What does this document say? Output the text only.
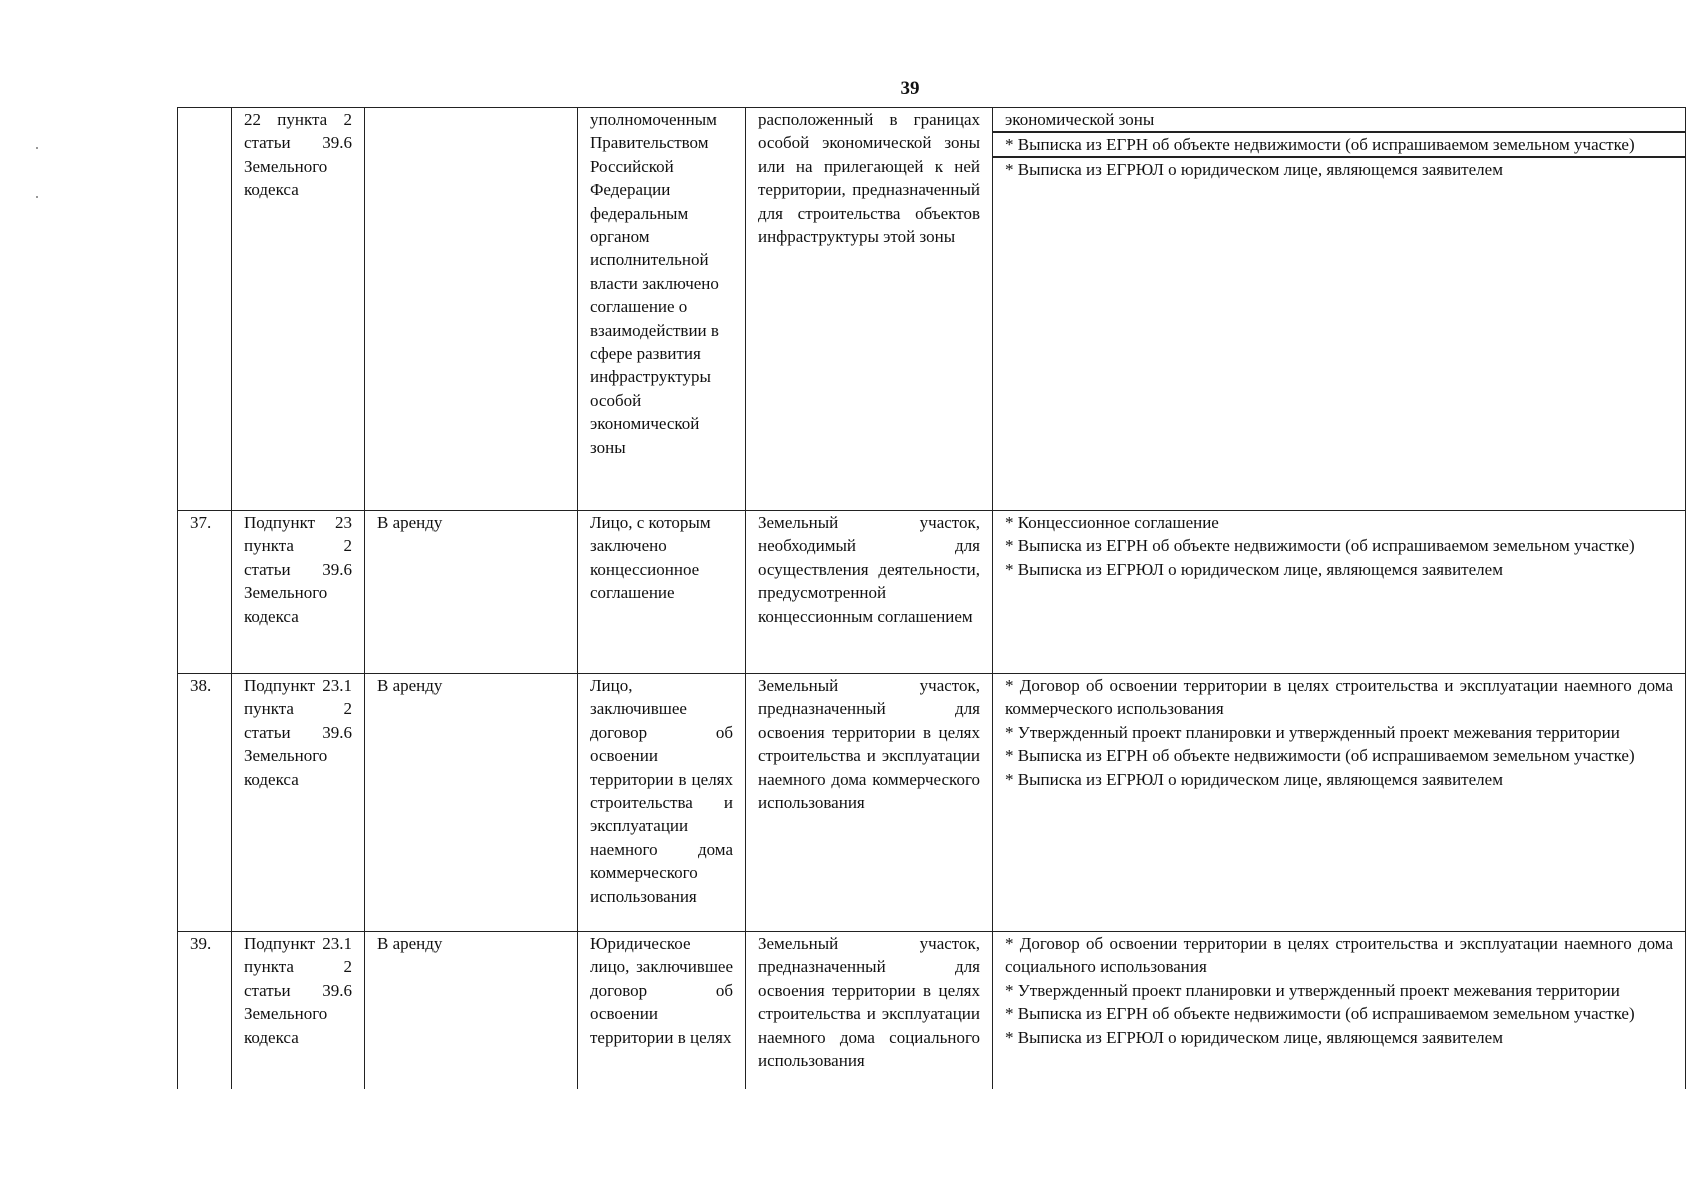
39
	22 пункта 2 статьи 39.6 Земельного кодекса		уполномоченным Правительством Российской Федерации федеральным органом исполнительной власти заключено соглашение о взаимодействии в сфере развития инфраструктуры особой экономической зоны	расположенный в границах особой экономической зоны или на прилегающей к ней территории, предназначенный для строительства объектов инфраструктуры этой зоны	экономической зоны
* Выписка из ЕГРН об объекте недвижимости (об испрашиваемом земельном участке)
* Выписка из ЕГРЮЛ о юридическом лице, являющемся заявителем

37.	Подпункт 23 пункта 2 статьи 39.6 Земельного кодекса	В аренду	Лицо, с которым заключено концессионное соглашение	Земельный участок, необходимый для осуществления деятельности, предусмотренной концессионным соглашением	* Концессионное соглашение
* Выписка из ЕГРН об объекте недвижимости (об испрашиваемом земельном участке)
* Выписка из ЕГРЮЛ о юридическом лице, являющемся заявителем

38.	Подпункт 23.1 пункта 2 статьи 39.6 Земельного кодекса	В аренду	Лицо, заключившее договор об освоении территории в целях строительства и эксплуатации наемного дома коммерческого использования	Земельный участок, предназначенный для освоения территории в целях строительства и эксплуатации наемного дома коммерческого использования	* Договор об освоении территории в целях строительства и эксплуатации наемного дома коммерческого использования
* Утвержденный проект планировки и утвержденный проект межевания территории
* Выписка из ЕГРН об объекте недвижимости (об испрашиваемом земельном участке)
* Выписка из ЕГРЮЛ о юридическом лице, являющемся заявителем

39.	Подпункт 23.1 пункта 2 статьи 39.6 Земельного кодекса	В аренду	Юридическое лицо, заключившее договор об освоении территории в целях	Земельный участок, предназначенный для освоения территории в целях строительства и эксплуатации наемного дома социального использования	* Договор об освоении территории в целях строительства и эксплуатации наемного дома социального использования
* Утвержденный проект планировки и утвержденный проект межевания территории
* Выписка из ЕГРН об объекте недвижимости (об испрашиваемом земельном участке)
* Выписка из ЕГРЮЛ о юридическом лице, являющемся заявителем
